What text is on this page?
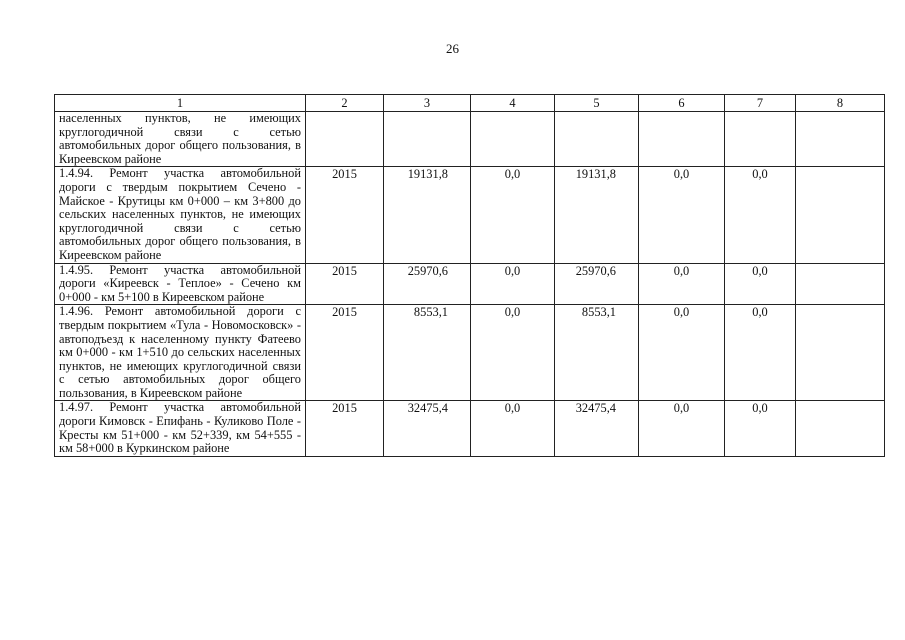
26
1	2	3	4	5	6	7	8
населенных пунктов, не имеющих круглогодичной связи с сетью автомобильных дорог общего пользования, в Киреевском районе							
1.4.94. Ремонт участка автомобильной дороги с твердым покрытием Сечено - Майское - Крутицы км 0+000 – км 3+800 до сельских населенных пунктов, не имеющих круглогодичной связи с сетью автомобильных дорог общего пользования, в Киреевском районе	2015	19131,8	0,0	19131,8	0,0	0,0	
1.4.95. Ремонт участка автомобильной дороги «Киреевск - Теплое» - Сечено км 0+000 - км 5+100 в Киреевском районе	2015	25970,6	0,0	25970,6	0,0	0,0	
1.4.96. Ремонт автомобильной дороги с твердым покрытием «Тула - Новомосковск» - автоподъезд к населенному пункту Фатеево км 0+000 - км 1+510 до сельских населенных пунктов, не имеющих круглогодичной связи с сетью автомобильных дорог общего пользования, в Киреевском районе	2015	8553,1	0,0	8553,1	0,0	0,0	
1.4.97. Ремонт участка автомобильной дороги Кимовск - Епифань - Куликово Поле - Кресты км 51+000 - км 52+339, км 54+555 - км 58+000 в Куркинском районе	2015	32475,4	0,0	32475,4	0,0	0,0	
